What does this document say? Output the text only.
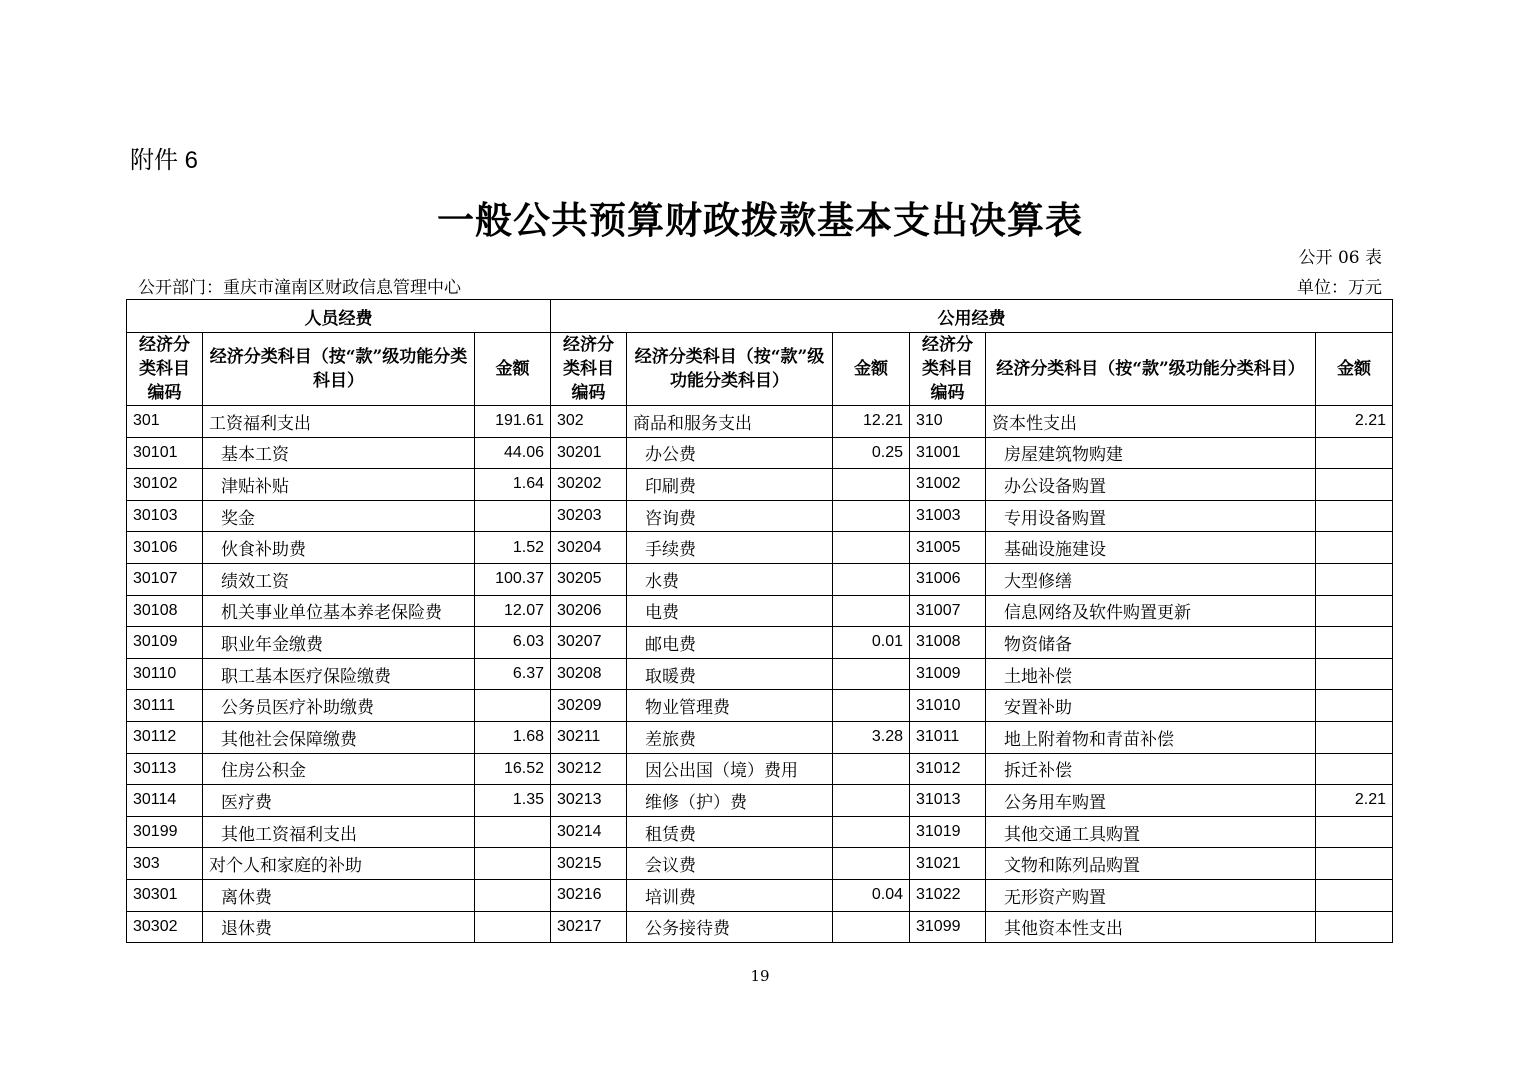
附件 6
一般公共预算财政拨款基本支出决算表
公开 06 表
公开部门：重庆市潼南区财政信息管理中心	单位：万元
人员经费			公用经费					
经济分类科目编码	经济分类科目（按“款”级功能分类科目）	金额	经济分类科目编码	经济分类科目（按“款”级功能分类科目）	金额	经济分类科目编码	经济分类科目（按“款”级功能分类科目）	金额
301	工资福利支出	191.61	302	商品和服务支出	12.21	310	资本性支出	2.21
30101	基本工资	44.06	30201	办公费	0.25	31001	房屋建筑物购建	
30102	津贴补贴	1.64	30202	印刷费		31002	办公设备购置	
30103	奖金		30203	咨询费		31003	专用设备购置	
30106	伙食补助费	1.52	30204	手续费		31005	基础设施建设	
30107	绩效工资	100.37	30205	水费		31006	大型修缮	
30108	机关事业单位基本养老保险费	12.07	30206	电费		31007	信息网络及软件购置更新	
30109	职业年金缴费	6.03	30207	邮电费	0.01	31008	物资储备	
30110	职工基本医疗保险缴费	6.37	30208	取暖费		31009	土地补偿	
30111	公务员医疗补助缴费		30209	物业管理费		31010	安置补助	
30112	其他社会保障缴费	1.68	30211	差旅费	3.28	31011	地上附着物和青苗补偿	
30113	住房公积金	16.52	30212	因公出国（境）费用		31012	拆迁补偿	
30114	医疗费	1.35	30213	维修（护）费		31013	公务用车购置	2.21
30199	其他工资福利支出		30214	租赁费		31019	其他交通工具购置	
303	对个人和家庭的补助		30215	会议费		31021	文物和陈列品购置	
30301	离休费		30216	培训费	0.04	31022	无形资产购置	
30302	退休费		30217	公务接待费		31099	其他资本性支出	
19
